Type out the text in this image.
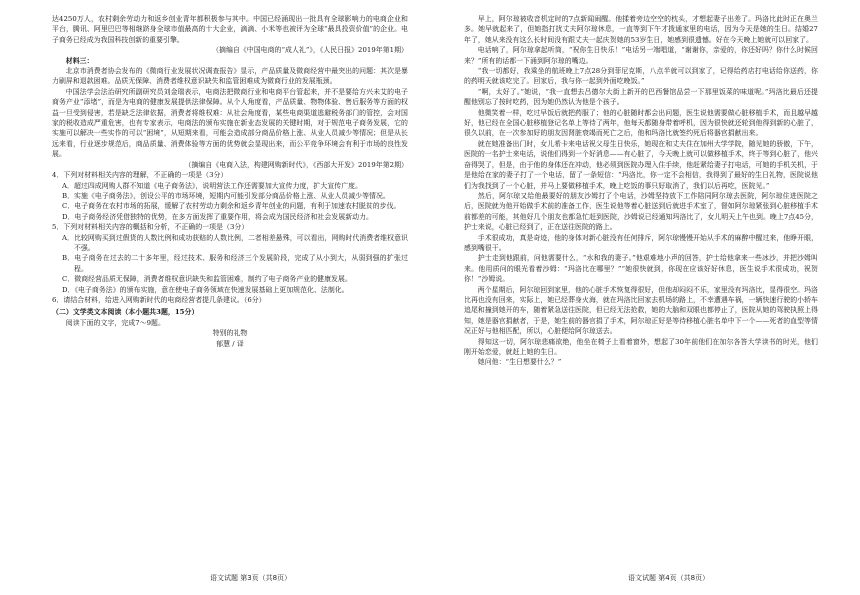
达4250万人，农村剩余劳动力和返乡创业青年都积极参与其中。中国已经涌现出一批具有全球影响力的电商企业和平台，腾讯、阿里巴巴等相继跻身全球市值最高的十大企业，滴滴、小米等也被评为全球“最具投资价值”的企业。电子商务已经成为我国科技创新的重要引擎。

（摘编自《中国电商的“成人礼”》，《人民日报》2019年第1期）

材料三：

北京市消费者协会发布的《微商行业发展状况调查报告》显示，产品质量及微商经营中最突出的问题：其次是暴力刷屏和退款困难。品质无保障、消费者维权意识缺失和监管困难成为微商行业的发展瓶颈。

中国法学会法治研究所副研究员刘金瑞表示，电商法把微商行业和电商平台管起来，并不是要给方兴未艾的电子商务产业“添堵”，而是为电商的健康发展提供法律保障。从个人角度看，产品质量、物物体验、售后服务等方面的权益一旦受到侵害，若是缺乏法律依据，消费者将维权难：从社会角度看，某些电商渠道逃避税务部门的管控，会对国家的税收造成严重危害，也有专家表示，电商法的颁布实施在新业态发展的关键时期，对于规范电子商务发展，它的实施可以解决一些实作的可以“困境”，从短期来看，可能会造成部分商品价格上涨、从业人员减少等情况；但是从长远来看，行业逐步规范后，商品质量、消费体验等方面的优势就会显现出来，而公平竞争环境会有利于市场的良性发展。

（摘编自《电商入法，构建网购新时代》，《西部大开发》2019年第2期）

4．下列对材料相关内容的理解，不正确的一项是（3分）

A．超过四成网购人群不知道《电子商务法》，说明营法工作还需要加大宣传力度，扩大宣传广度。

B．实施《电子商务法》，创设公平的市场环境，短期内可能引发部分商品价格上涨、从业人员减少等情况。

C．电子商务在农村市场的拓展，缓解了农村劳动力剩余和返乡青年创业的问题，有利于加速农村脱贫的步伐。

D．电子商务经济凭借独特的优势，在多方面发挥了重要作用，将会成为国民经济和社会发展新动力。

5．下列对材料相关内容的概括和分析，不正确的一项是（3分）

A．比较网购买到过假货的人数比例和成功获赔的人数比例，二者相差悬殊，可以看出，网购时代消费者维权意识不强。

B．电子商务在过去的二十多年里，经过技术、服务和经济三个发展阶段，完成了从小到大，从弱到强的扩张过程。

C．微商经营品质无保障，消费者维权意识缺失和监管困难，制约了电子商务产业的健康发展。

D．《电子商务法》的颁布实施，意在使电子商务领域在快速发展基础上更加规范化、法制化。

6．请结合材料，给进入网购新时代的电商经营者提几条建议。（6分）

（二）文学类文本阅读（本小题共3题，15分）

阅读下面的文字，完成7～9题。

特别的礼物

郁慧 / 译

早上，阿尔琼被收音机定时的7点新闻闹醒。他揉着旁边空空的枕头，才想起妻子出差了。玛洛比此时正在奥兰多。她早就起来了，但她指打扰丈夫阿尔琼休息，一直等到下午才拨通家里的电话，因为今天是她的生日。结婚27年了，她从来没有这么长时间没有跟丈夫一起庆贺她的53岁生日，她感到很遗憾。好在今天晚上她就可以回家了。

电话响了，阿尔琼拿起听筒，“祝你生日快乐！”电话另一端唱道，“谢谢你，亲爱的，你还好吗？你什么时候回来？”所有的话都一下涌到阿尔琼的嘴边。

“我一切都好，我乘坐的航班晚上7点28分到菲尼克斯，八点半就可以到家了，记得给药店打电话给你送药，你的药明天就该吃完了。回家后，我与你一起到外面吃晚饭。”

“啊，太好了。”她说，“我一直想去吕德尔大街上新开的巴西餐馆品尝一下那里饭菜的味道呢。”玛洛比最后还提醒他别忘了按时吃药，因为她仍然认为他是个孩子。

他微笑着一样，吃过早饭后就把药服了；他的心脏随时都会出问题，医生说他需要做心脏移植手术，而且越早越好，他已经在全国心脏移植登记名单上等待了两年，他每天都随身带着呼机，因为很快就还轮到他得到新的心脏了，很久以前，在一次参加好的朋友因肾脏衰竭而死亡之后，他和玛洛比就签约死后将器官捐献出来。

就在她准备出门时，女儿希卡来电话祝父母生日快乐，她现在和丈夫住在加州大学学院，随见她的骄傲，下午，医院的一名护士来电话，说他们得到一个好消息——有心脏了，今天晚上就可以做移植手术，终于等到心脏了，他兴奋得哭了，但是，由于他的身体还在冲动，他必须到医院办理入住手续，他赶紧给妻子打电话，可她的手机关机，于是他给在家的妻子打了一个电话，留了一条短信：“玛洛比，你一定不会相信，我得到了最好的生日礼物，医院说他们为我找到了一个心脏，并马上要做移植手术，晚上吃饭的事只好取消了，我们以后再吃，医院见。”

然后，阿尔琼又给他最要好的朋友沙姆打了个电话，沙姆坚持放下工作陪同阿尔琼去医院，阿尔琼住进医院之后，医院就为他开始做手术前的准备工作，医生说他等着心脏送到后就进手术室了，督如阿尔琼紧张到心脏移植手术前都差的可能，其他好几个朋友也都急忙赶到医院，沙姆说已经通知玛洛比了，女儿明天上午也到。晚上7点45分，护士来说，心脏已经到了，正在送往医院的路上。

手术很成功，真是奇迹，他的身体对新心脏没有任何排斥，阿尔琼慢慢开始从手术的麻醉中醒过来，他睁开眼，感到嘴很干。

护士走到他跟前，问他需要什么，“水和我的妻子。”他艰难地小声的回答，护士给他拿来一些冰沙，并把沙姆叫来。他用质问的眼光看着沙姆：“玛洛比在哪里？”“她很快就到，你现在应该好好休息，医生说手术很成功，祝贺你！”沙姆说。

两个星期后，阿尔琼回到家里，他的心脏手术恢复得很好，但他却闷闷不乐，家里没有玛洛比，显得很空。玛洛比再也没有回来，实际上，她已经葬身火海，就在玛洛比回家去机场的路上，不幸遭遇车祸，一辆快速行驶的小轿车追尾和撞到她开的车，随着紧急送往医院，但已经无法抢救，她的大脑和双眼也都停止了，医院从她的驾驶执照上得知，她是器官捐献者，于是，她生前的器官捐了手术，阿尔琼正好是等待移植心脏名单中下一个——死者的血型等情况正好与他相匹配，所以，心脏便给阿尔琼送去。

得知这一切，阿尔琼悲痛欲绝，他坐在椅子上看着窗外，想起了30年前他们在加尔各答大学读书的时光，他们刚开始恋爱，就赶上她的生日。

她问他：“生日想要什么？”

语文试题 第3页（共8页）	语文试题 第4页（共8页）
